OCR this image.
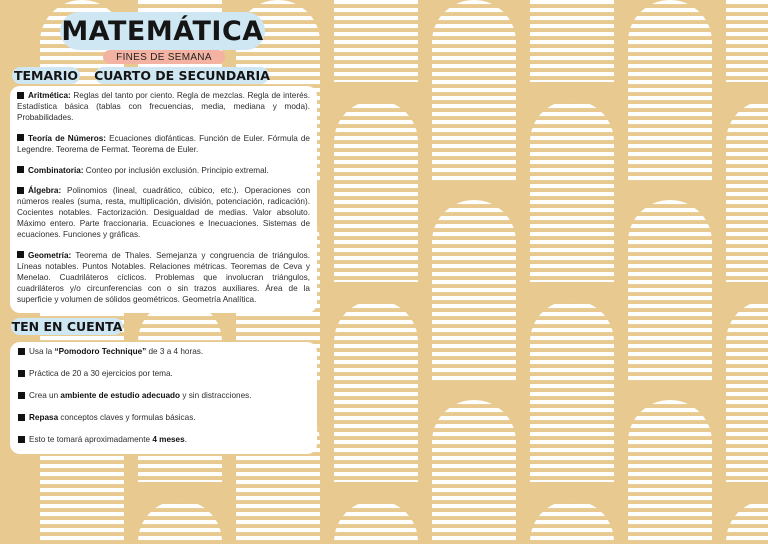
MATEMÁTICA
FINES DE SEMANA
TEMARIO CUARTO DE SECUNDARIA

Aritmética: Reglas del tanto por ciento. Regla de mezclas. Regla de interés. Estadística básica (tablas con frecuencias, media, mediana y moda). Probabilidades.

Teoría de Números: Ecuaciones diofánticas. Función de Euler. Fórmula de Legendre. Teorema de Fermat. Teorema de Euler.

Combinatoria: Conteo por inclusión exclusión. Principio extremal.

Álgebra: Polinomios (lineal, cuadrático, cúbico, etc.). Operaciones con números reales (suma, resta, multiplicación, división, potenciación, radicación). Cocientes notables. Factorización. Desigualdad de medias. Valor absoluto. Máximo entero. Parte fraccionaria. Ecuaciones e Inecuaciones. Sistemas de ecuaciones. Funciones y gráficas.

Geometría: Teorema de Thales. Semejanza y congruencia de triángulos. Líneas notables. Puntos Notables. Relaciones métricas. Teoremas de Ceva y Menelao. Cuadriláteros cíclicos. Problemas que involucran triángulos, cuadriláteros y/o circunferencias con o sin trazos auxiliares. Área de la superficie y volumen de sólidos geométricos. Geometría Analítica.

TEN EN CUENTA

Usa la “Pomodoro Technique” de 3 a 4 horas.

Práctica de 20 a 30 ejercicios por tema.

Crea un ambiente de estudio adecuado y sin distracciones.

Repasa conceptos claves y formulas básicas.

Esto te tomará aproximadamente 4 meses.
